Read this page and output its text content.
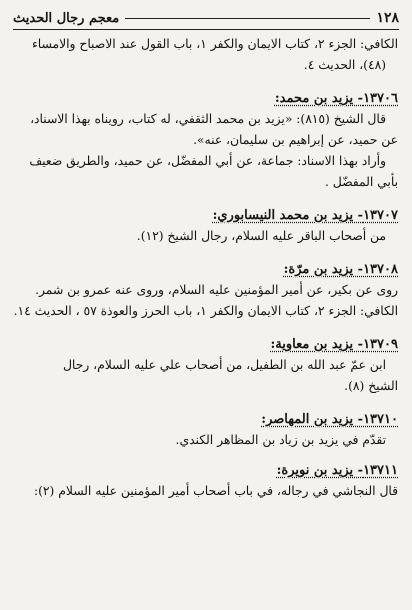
١٢٨
معجم رجال الحديث

الكافي: الجزء ٢، كتاب الايمان والكفر ١، باب القول عند الاصباح والامساء

(٤٨)، الحديث ٤.

١٣٧٠٦- يزيد بن محمد:

قال الشيخ (٨١٥): «يزيد بن محمد الثقفي، له كتاب، رويناه بهذا الاسناد،

عن حميد، عن إبراهيم بن سليمان، عنه».

وأراد بهذا الاسناد: جماعة، عن أبي المفضّل، عن حميد، والطريق ضعيف

بأبي المفضّل .

١٣٧٠٧- يزيد بن محمد النيسابوري:

من أصحاب الباقر عليه السلام، رجال الشيخ (١٢).

١٣٧٠٨- يزيد بن مرّة:

روى عن بكير، عن أمير المؤمنين عليه السلام، وروى عنه عمرو بن شمر.

الكافي: الجزء ٢، كتاب الايمان والكفر ١، باب الحرز والعوذة ٥٧ ، الحديث ١٤.

١٣٧٠٩- يزيد بن معاوية:

ابن عمّ عبد الله بن الطفيل، من أصحاب علي عليه السلام، رجال

الشيخ (٨).

١٣٧١٠- يزيد بن المهاصر:

تقدّم في يزيد بن زياد بن المظاهر الكندي.

١٣٧١١- يزيد بن نويرة:

قال النجاشي في رجاله، في باب أصحاب أمير المؤمنين عليه السلام (٢):
